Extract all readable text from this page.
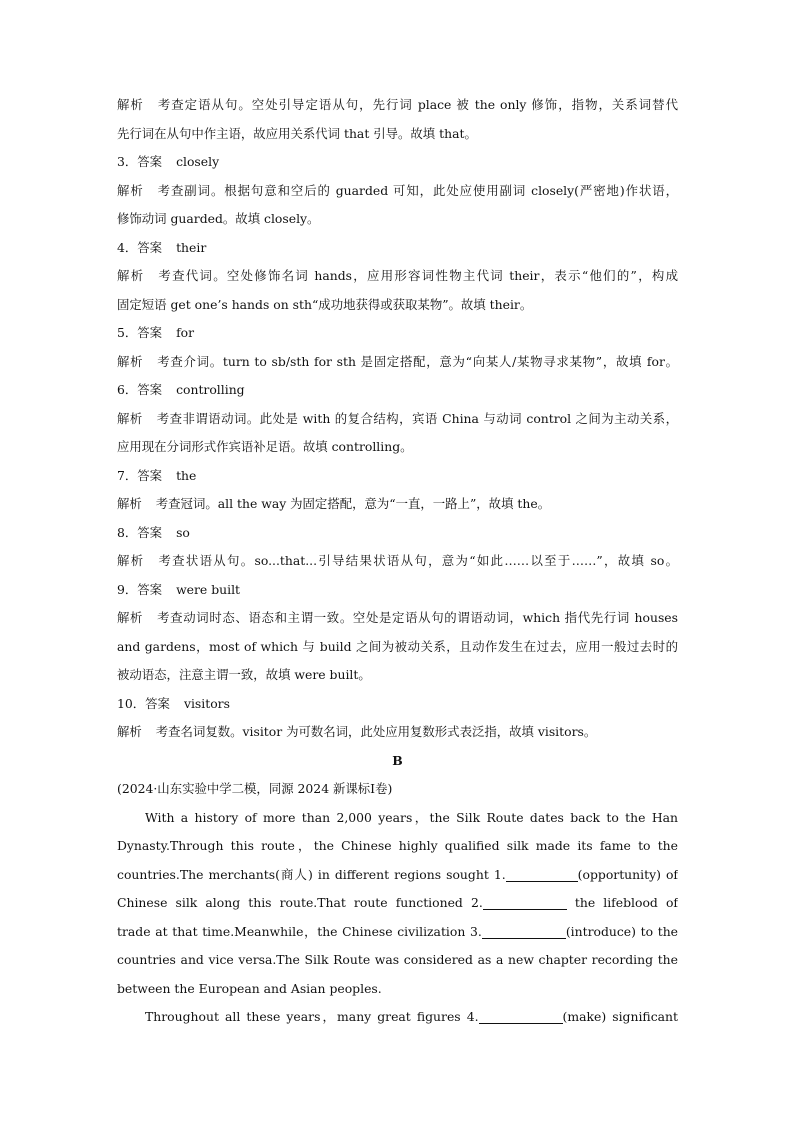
解析 考查定语从句。空处引导定语从句，先行词 place 被 the only 修饰，指物，关系词替代
先行词在从句中作主语，故应用关系代词 that 引导。故填 that。
3．答案 closely
解析 考查副词。根据句意和空后的 guarded 可知，此处应使用副词 closely(严密地)作状语，
修饰动词 guarded。故填 closely。
4．答案 their
解析 考查代词。空处修饰名词 hands，应用形容词性物主代词 their，表示“他们的”，构成
固定短语 get one’s hands on sth“成功地获得或获取某物”。故填 their。
5．答案 for
解析 考查介词。turn to sb/sth for sth 是固定搭配，意为“向某人/某物寻求某物”，故填 for。
6．答案 controlling
解析 考查非谓语动词。此处是 with 的复合结构，宾语 China 与动词 control 之间为主动关系，
应用现在分词形式作宾语补足语。故填 controlling。
7．答案 the
解析 考查冠词。all the way 为固定搭配，意为“一直，一路上”，故填 the。
8．答案 so
解析 考查状语从句。so...that...引导结果状语从句，意为“如此……以至于……”，故填 so。
9．答案 were built
解析 考查动词时态、语态和主谓一致。空处是定语从句的谓语动词，which 指代先行词 houses
and gardens，most of which 与 build 之间为被动关系，且动作发生在过去，应用一般过去时的
被动语态，注意主谓一致，故填 were built。
10．答案 visitors
解析 考查名词复数。visitor 为可数名词，此处应用复数形式表泛指，故填 visitors。
B
(2024·山东实验中学二模，同源 2024 新课标Ⅰ卷)
With a history of more than 2,000 years，the Silk Route dates back to the Han
Dynasty.Through this route，the Chinese highly qualified silk made its fame to the
countries.The merchants(商人) in different regions sought 1.	(opportunity) of
Chinese silk along this route.That route functioned 2.	the lifeblood of
trade at that time.Meanwhile，the Chinese civilization 3.	(introduce) to the
countries and vice versa.The Silk Route was considered as a new chapter recording the
between the European and Asian peoples.
Throughout all these years，many great figures 4.	(make) significant
